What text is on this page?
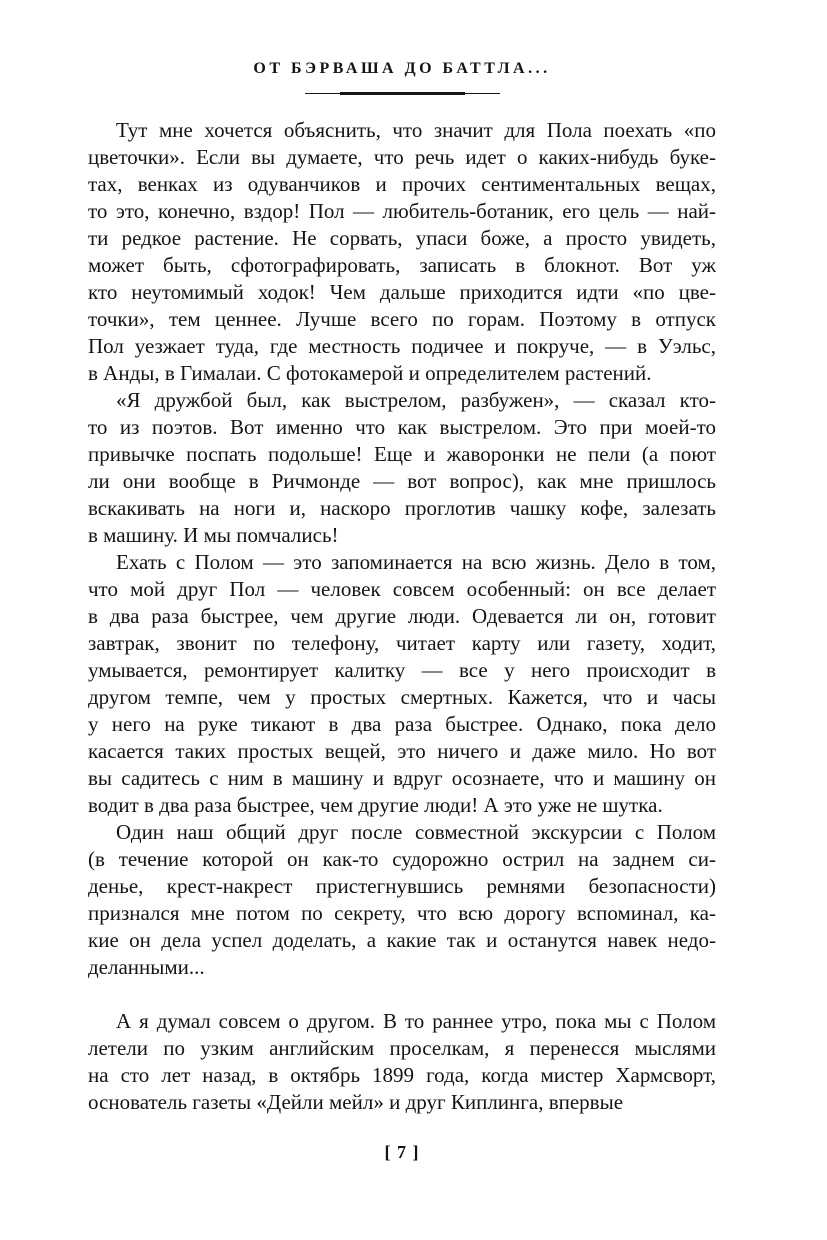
ОТ БЭРВАША ДО БАТТЛА...

Тут мне хочется объяснить, что значит для Пола поехать «по
цветочки». Если вы думаете, что речь идет о каких-нибудь буке-
тах, венках из одуванчиков и прочих сентиментальных вещах,
то это, конечно, вздор! Пол — любитель-ботаник, его цель — най-
ти редкое растение. Не сорвать, упаси боже, а просто увидеть,
может быть, сфотографировать, записать в блокнот. Вот уж
кто неутомимый ходок! Чем дальше приходится идти «по цве-
точки», тем ценнее. Лучше всего по горам. Поэтому в отпуск
Пол уезжает туда, где местность подичее и покруче, — в Уэльс,
в Анды, в Гималаи. С фотокамерой и определителем растений.

«Я дружбой был, как выстрелом, разбужен», — сказал кто-
то из поэтов. Вот именно что как выстрелом. Это при моей-то
привычке поспать подольше! Еще и жаворонки не пели (а поют
ли они вообще в Ричмонде — вот вопрос), как мне пришлось
вскакивать на ноги и, наскоро проглотив чашку кофе, залезать
в машину. И мы помчались!

Ехать с Полом — это запоминается на всю жизнь. Дело в том,
что мой друг Пол — человек совсем особенный: он все делает
в два раза быстрее, чем другие люди. Одевается ли он, готовит
завтрак, звонит по телефону, читает карту или газету, ходит,
умывается, ремонтирует калитку — все у него происходит в
другом темпе, чем у простых смертных. Кажется, что и часы
у него на руке тикают в два раза быстрее. Однако, пока дело
касается таких простых вещей, это ничего и даже мило. Но вот
вы садитесь с ним в машину и вдруг осознаете, что и машину он
водит в два раза быстрее, чем другие люди! А это уже не шутка.

Один наш общий друг после совместной экскурсии с Полом
(в течение которой он как-то судорожно острил на заднем си-
денье, крест-накрест пристегнувшись ремнями безопасности)
признался мне потом по секрету, что всю дорогу вспоминал, ка-
кие он дела успел доделать, а какие так и останутся навек недо-
деланными...

А я думал совсем о другом. В то раннее утро, пока мы с Полом
летели по узким английским проселкам, я перенесся мыслями
на сто лет назад, в октябрь 1899 года, когда мистер Хармсворт,
основатель газеты «Дейли мейл» и друг Киплинга, впервые

[ 7 ]
